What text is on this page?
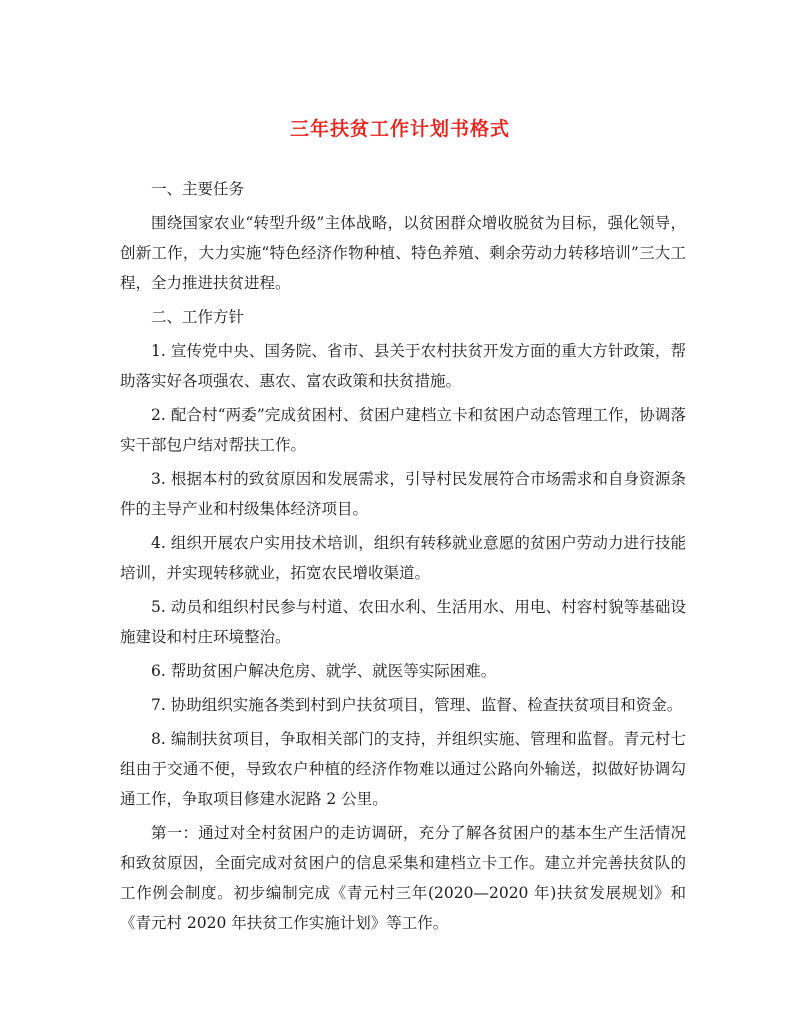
三年扶贫工作计划书格式

一、主要任务

围绕国家农业“转型升级”主体战略，以贫困群众增收脱贫为目标，强化领导，创新工作，大力实施“特色经济作物种植、特色养殖、剩余劳动力转移培训”三大工程，全力推进扶贫进程。

二、工作方针

1. 宣传党中央、国务院、省市、县关于农村扶贫开发方面的重大方针政策，帮助落实好各项强农、惠农、富农政策和扶贫措施。

2. 配合村“两委”完成贫困村、贫困户建档立卡和贫困户动态管理工作，协调落实干部包户结对帮扶工作。

3. 根据本村的致贫原因和发展需求，引导村民发展符合市场需求和自身资源条件的主导产业和村级集体经济项目。

4. 组织开展农户实用技术培训，组织有转移就业意愿的贫困户劳动力进行技能培训，并实现转移就业，拓宽农民增收渠道。

5. 动员和组织村民参与村道、农田水利、生活用水、用电、村容村貌等基础设施建设和村庄环境整治。

6. 帮助贫困户解决危房、就学、就医等实际困难。

7. 协助组织实施各类到村到户扶贫项目，管理、监督、检查扶贫项目和资金。

8. 编制扶贫项目，争取相关部门的支持，并组织实施、管理和监督。青元村七组由于交通不便，导致农户种植的经济作物难以通过公路向外输送，拟做好协调勾通工作，争取项目修建水泥路 2 公里。

第一：通过对全村贫困户的走访调研，充分了解各贫困户的基本生产生活情况和致贫原因，全面完成对贫困户的信息采集和建档立卡工作。建立并完善扶贫队的工作例会制度。初步编制完成《青元村三年(2020—2020 年)扶贫发展规划》和《青元村 2020 年扶贫工作实施计划》等工作。
